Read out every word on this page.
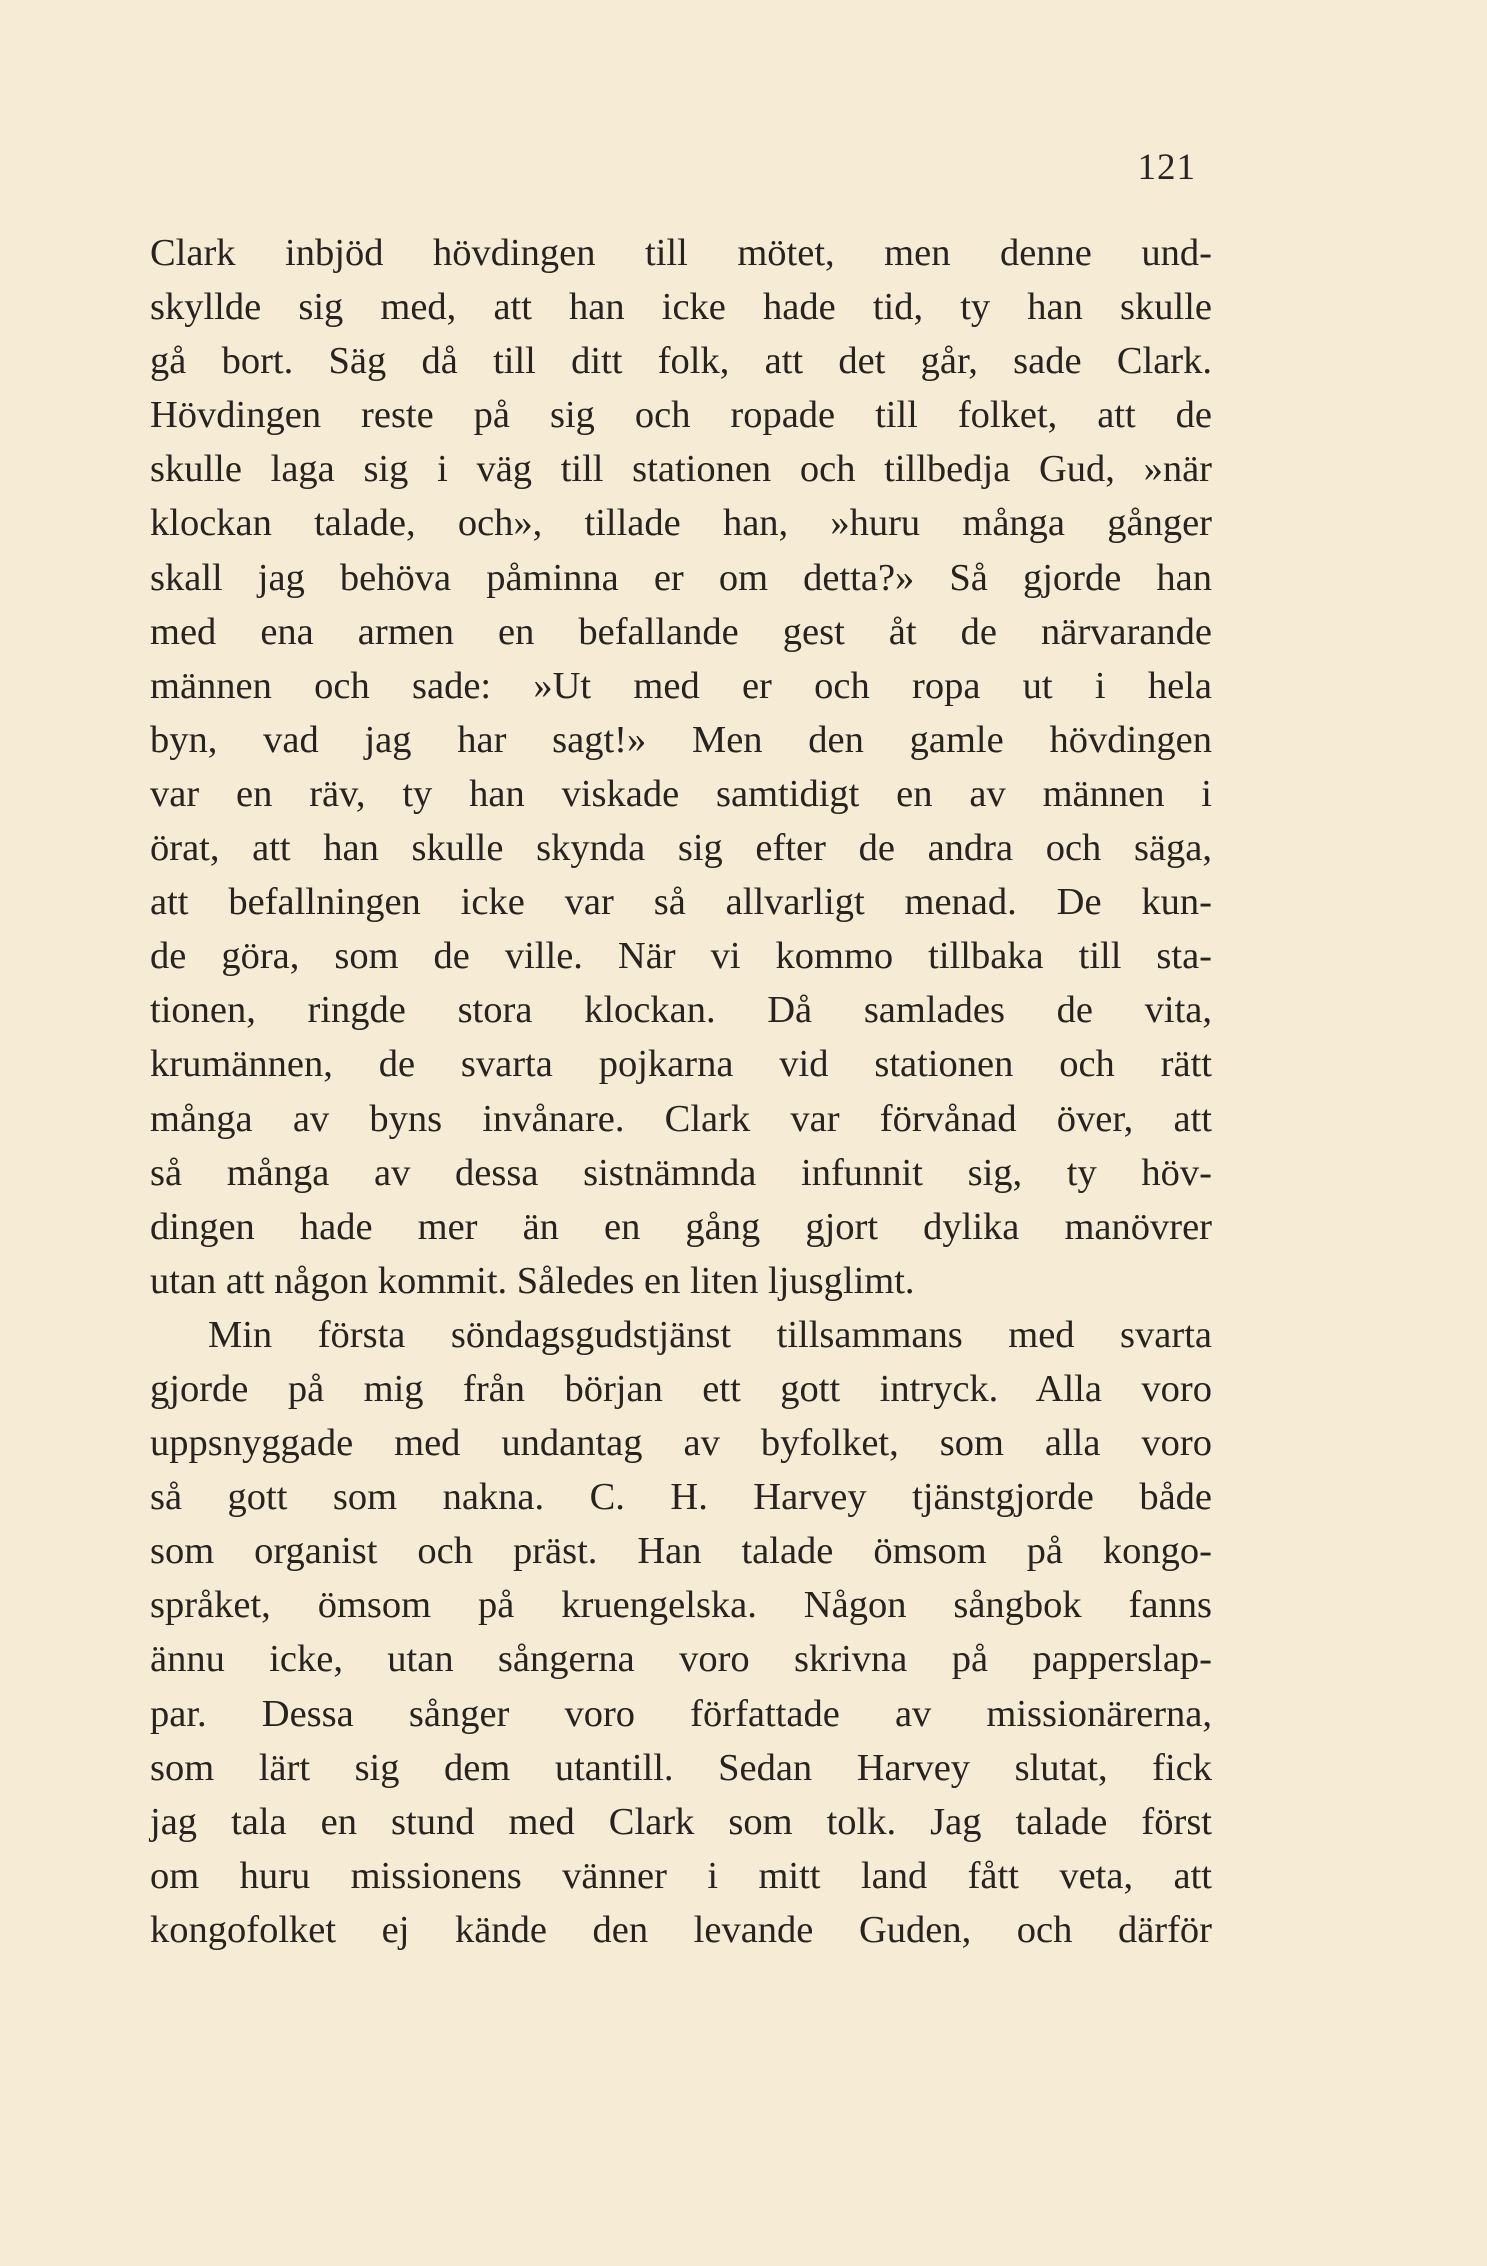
121
Clark inbjöd hövdingen till mötet, men denne und-
skyllde sig med, att han icke hade tid, ty han skulle
gå bort. Säg då till ditt folk, att det går, sade Clark.
Hövdingen reste på sig och ropade till folket, att de
skulle laga sig i väg till stationen och tillbedja Gud, »när
klockan talade, och», tillade han, »huru många gånger
skall jag behöva påminna er om detta?» Så gjorde han
med ena armen en befallande gest åt de närvarande
männen och sade: »Ut med er och ropa ut i hela
byn, vad jag har sagt!» Men den gamle hövdingen
var en räv, ty han viskade samtidigt en av männen i
örat, att han skulle skynda sig efter de andra och säga,
att befallningen icke var så allvarligt menad. De kun-
de göra, som de ville. När vi kommo tillbaka till sta-
tionen, ringde stora klockan. Då samlades de vita,
krumännen, de svarta pojkarna vid stationen och rätt
många av byns invånare. Clark var förvånad över, att
så många av dessa sistnämnda infunnit sig, ty höv-
dingen hade mer än en gång gjort dylika manövrer
utan att någon kommit. Således en liten ljusglimt.
Min första söndagsgudstjänst tillsammans med svarta
gjorde på mig från början ett gott intryck. Alla voro
uppsnyggade med undantag av byfolket, som alla voro
så gott som nakna. C. H. Harvey tjänstgjorde både
som organist och präst. Han talade ömsom på kongo-
språket, ömsom på kruengelska. Någon sångbok fanns
ännu icke, utan sångerna voro skrivna på papperslap-
par. Dessa sånger voro författade av missionärerna,
som lärt sig dem utantill. Sedan Harvey slutat, fick
jag tala en stund med Clark som tolk. Jag talade först
om huru missionens vänner i mitt land fått veta, att
kongofolket ej kände den levande Guden, och därför
